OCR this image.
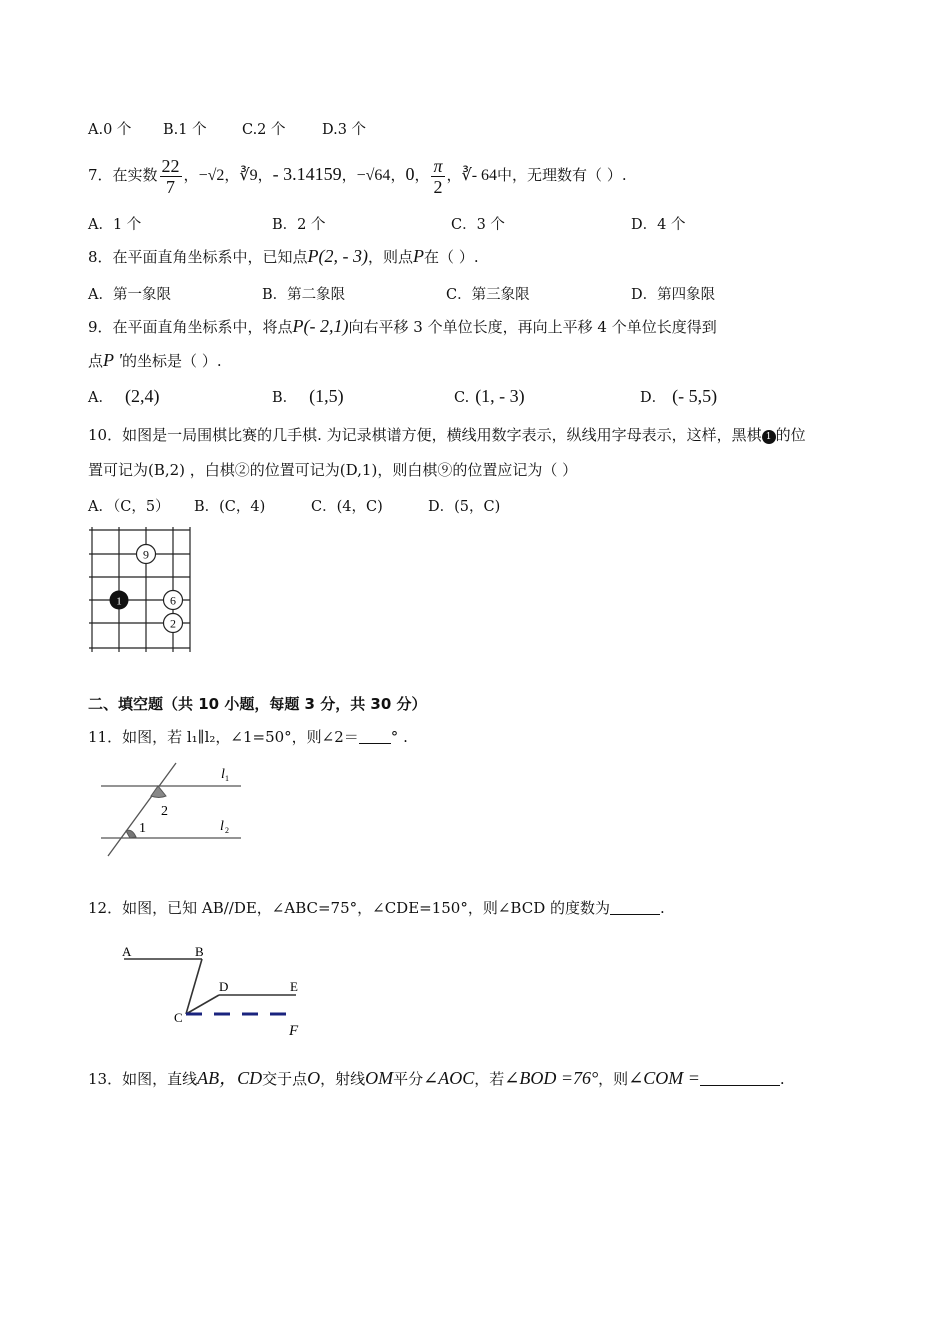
A.0 个 B.1 个 C.2 个	D.3 个
7．在实数 $\frac{22}{7}$ ，−√2，∛9，- 3.14159，−√64，0， $\frac{\pi}{2}$ ，∛- 64中，无理数有（ ）.
A．1 个	B．2 个	C．3 个	D．4 个
8．在平面直角坐标系中，已知点P(2, - 3)，则点P在（ ）.
A．第一象限	B．第二象限	C．第三象限	D．第四象限
9．在平面直角坐标系中，将点P(- 2,1)向右平移 3 个单位长度，再向上平移 4 个单位长度得到
点P '的坐标是（ ）.
A． (2,4)	B． (1,5)	C. (1, - 3)	D． (- 5,5)
10．如图是一局围棋比赛的几手棋. 为记录棋谱方便，横线用数字表示，纵线用字母表示，这样，黑棋 1 的位
置可记为(B,2) ，白棋②的位置可记为(D,1)，则白棋⑨的位置应记为（ ）
A．（C，5） B．(C，4)	C．(4，C)	D．(5，C)
1
9
6
2
二、填空题（共 10 小题，每题 3 分，共 30 分）
11．如图，若 l₁∥l₂，∠1=50°，则∠2＝ ° .
l 1
l 2
1
2
12．如图，已知 AB//DE，∠ABC=75°，∠CDE=150°，则∠BCD 的度数为	.
A	B
C
D	E
F
13．如图，直线AB，CD交于点O，射线OM平分∠AOC，若∠BOD =76°，则∠COM =	.
